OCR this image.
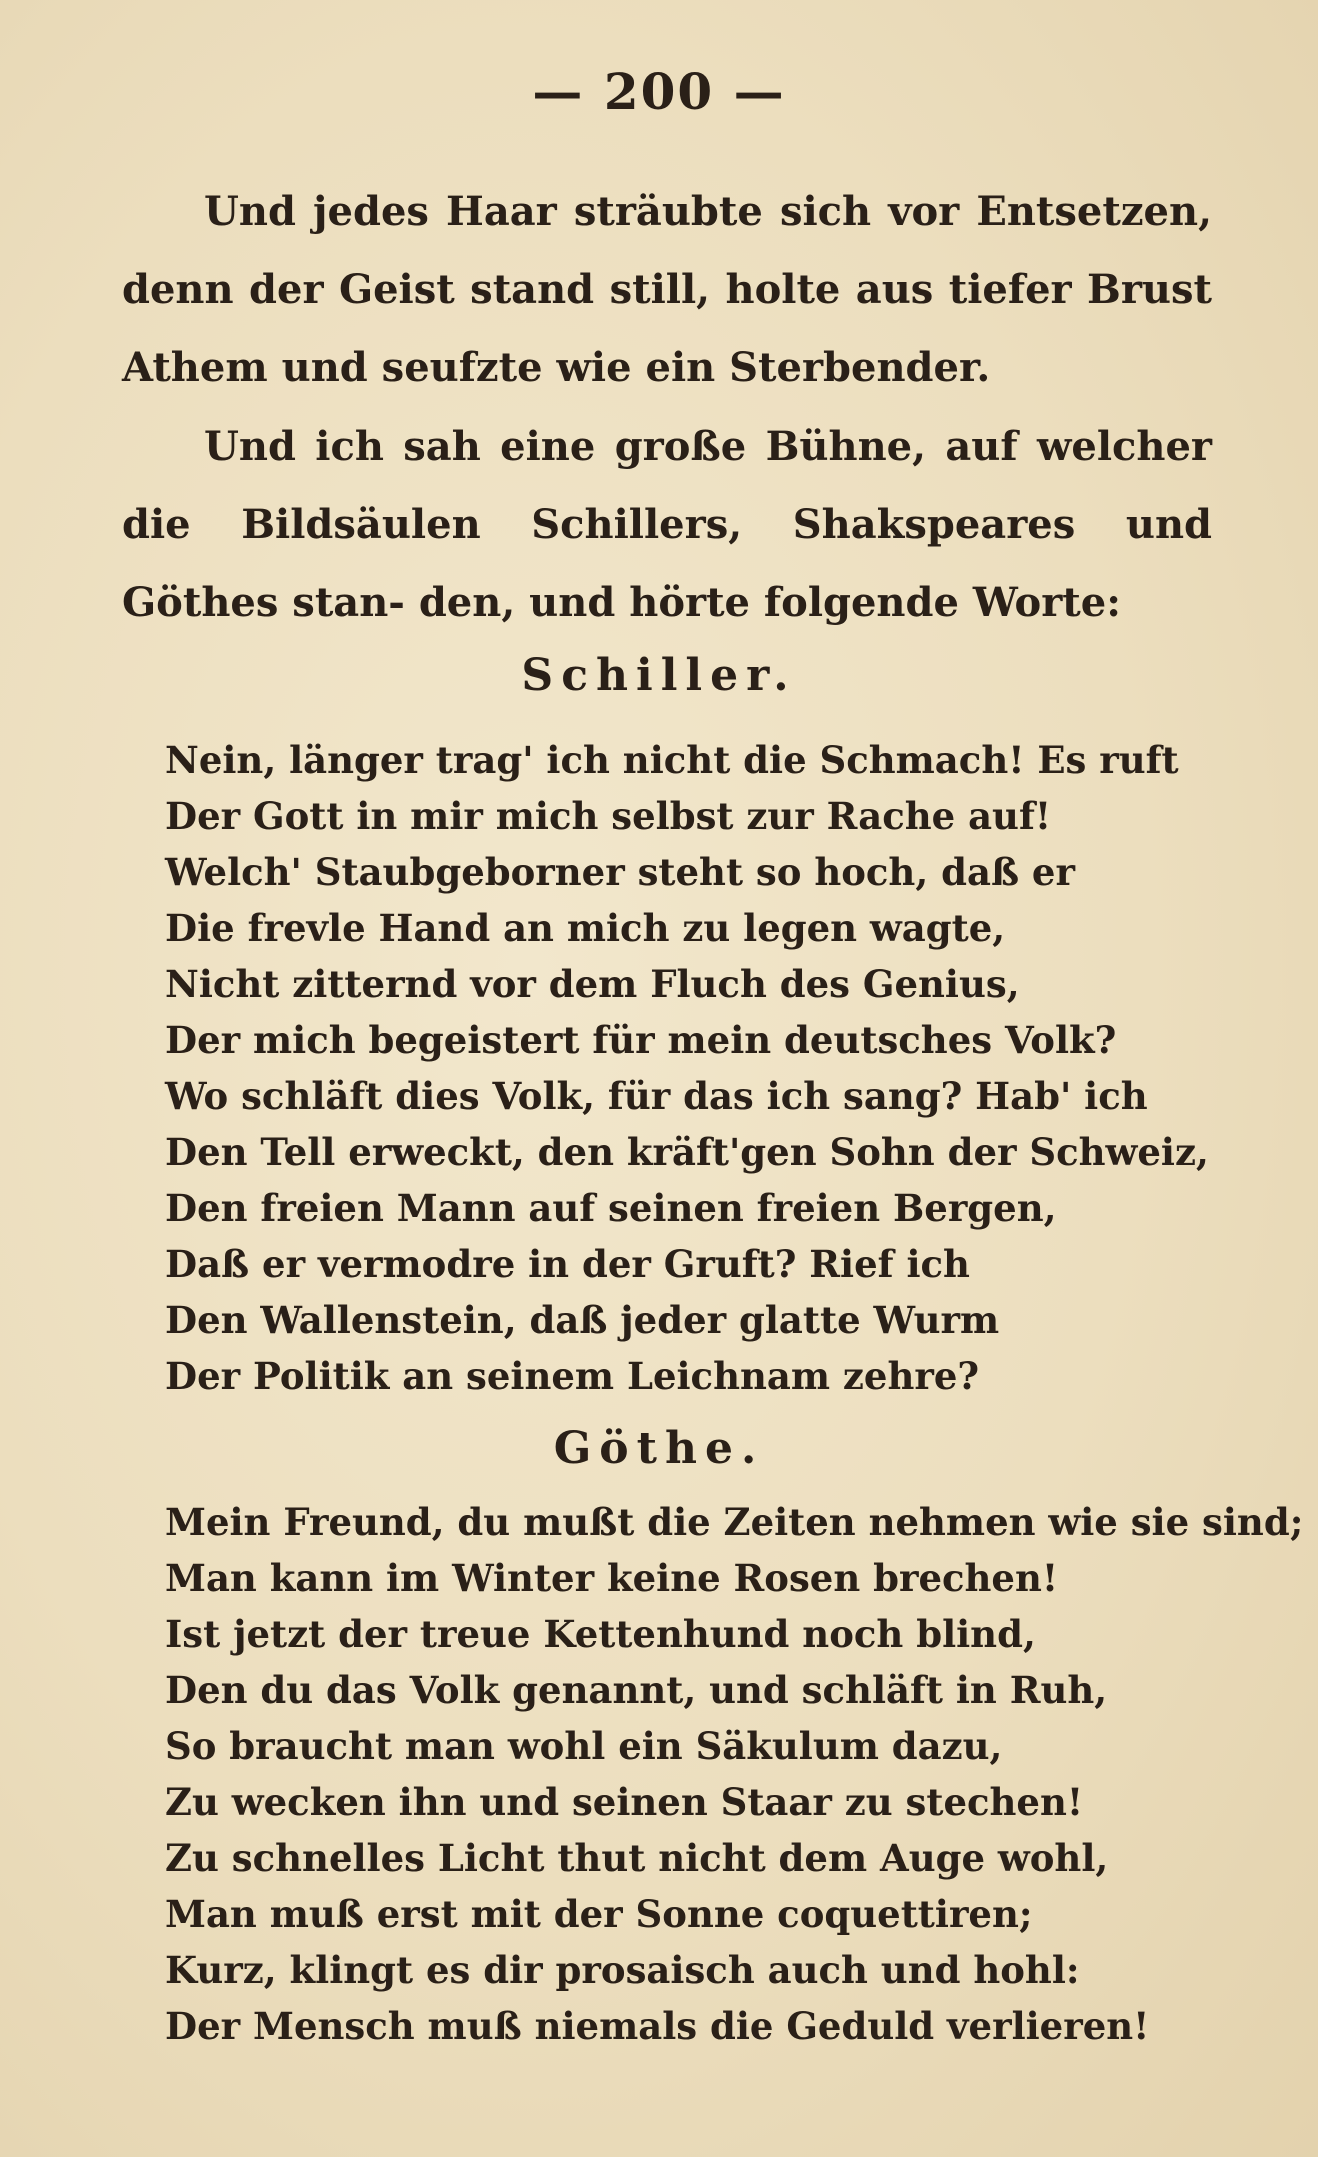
— 200 —

Und jedes Haar sträubte sich vor Entsetzen, denn der Geist stand still, holte aus tiefer Brust Athem und seufzte wie ein Sterbender.

Und ich sah eine große Bühne, auf welcher die Bildsäulen Schillers, Shakspeares und Göthes stan- den, und hörte folgende Worte:

Schiller.
Nein, länger trag' ich nicht die Schmach! Es ruft
Der Gott in mir mich selbst zur Rache auf!
Welch' Staubgeborner steht so hoch, daß er
Die frevle Hand an mich zu legen wagte,
Nicht zitternd vor dem Fluch des Genius,
Der mich begeistert für mein deutsches Volk?
Wo schläft dies Volk, für das ich sang? Hab' ich
Den Tell erweckt, den kräft'gen Sohn der Schweiz,
Den freien Mann auf seinen freien Bergen,
Daß er vermodre in der Gruft? Rief ich
Den Wallenstein, daß jeder glatte Wurm
Der Politik an seinem Leichnam zehre?
Göthe.
Mein Freund, du mußt die Zeiten nehmen wie sie sind;
Man kann im Winter keine Rosen brechen!
Ist jetzt der treue Kettenhund noch blind,
Den du das Volk genannt, und schläft in Ruh,
So braucht man wohl ein Säkulum dazu,
Zu wecken ihn und seinen Staar zu stechen!
Zu schnelles Licht thut nicht dem Auge wohl,
Man muß erst mit der Sonne coquettiren;
Kurz, klingt es dir prosaisch auch und hohl:
Der Mensch muß niemals die Geduld verlieren!
